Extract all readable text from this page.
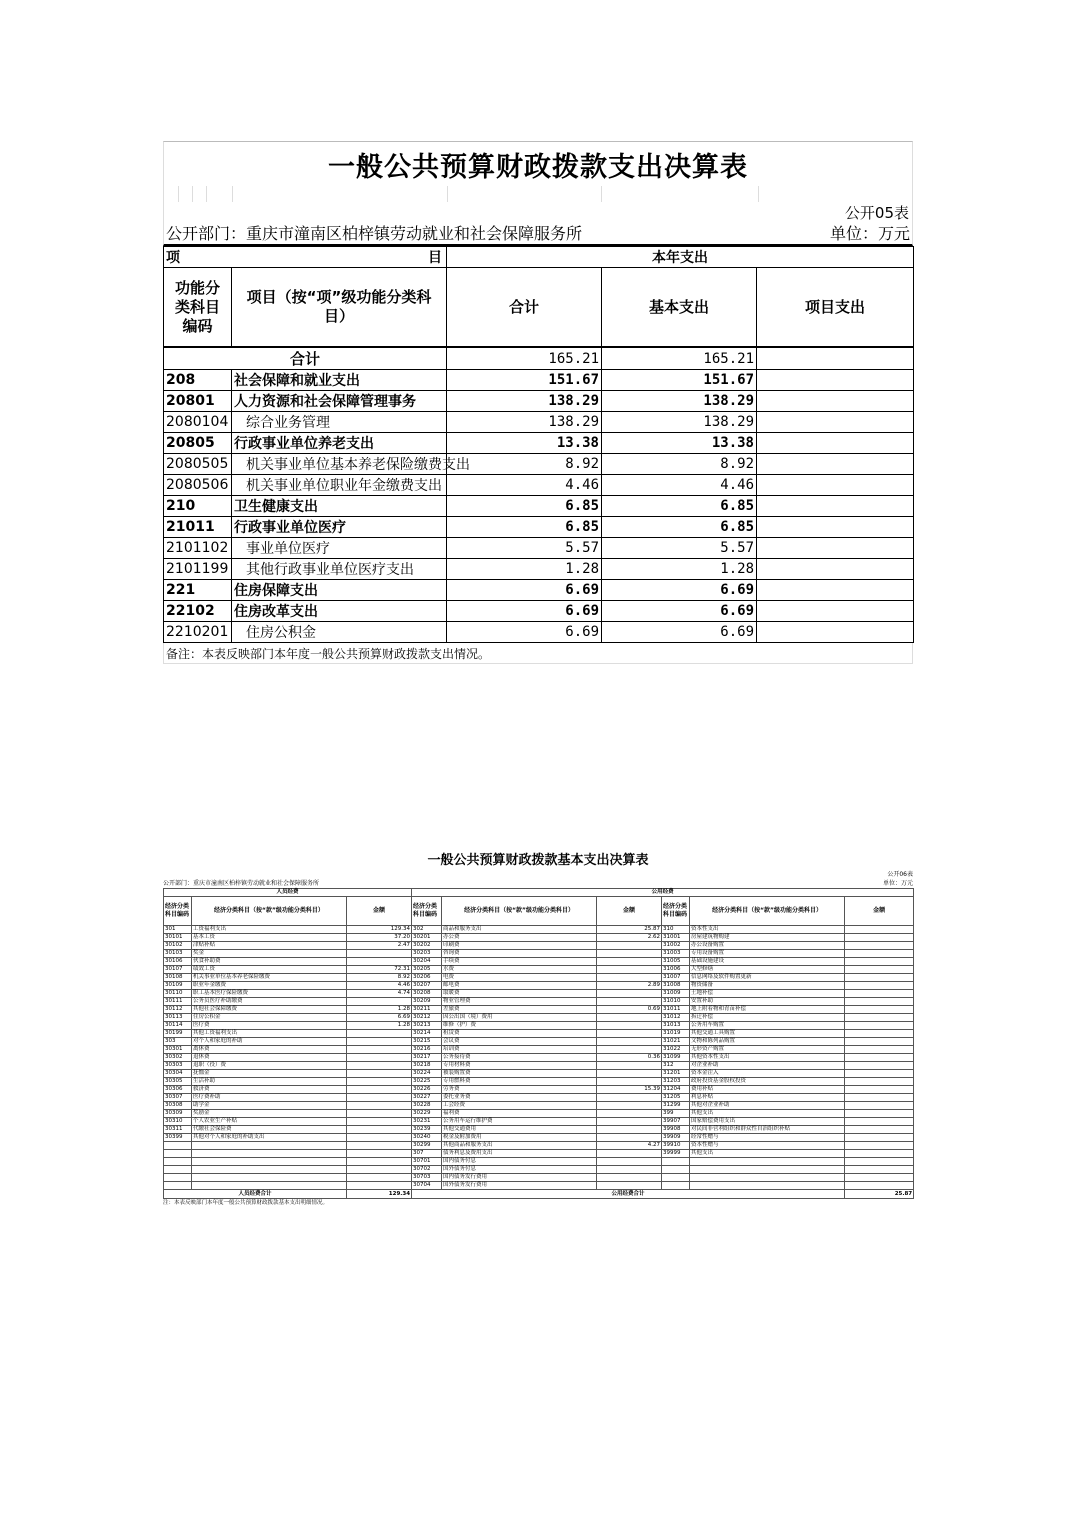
一般公共预算财政拨款支出决算表
公开05表
公开部门：重庆市潼南区柏梓镇劳动就业和社会保障服务所	单位：万元
项 目		本年支出		
功能分类科目编码	项目（按“项”级功能分类科目）	合计	基本支出	项目支出
合计		165.21	165.21	
208	社会保障和就业支出	151.67	151.67	
20801	人力资源和社会保障管理事务	138.29	138.29	
2080104	综合业务管理	138.29	138.29	
20805	行政事业单位养老支出	13.38	13.38	
2080505	机关事业单位基本养老保险缴费支出	8.92	8.92	
2080506	机关事业单位职业年金缴费支出	4.46	4.46	
210	卫生健康支出	6.85	6.85	
21011	行政事业单位医疗	6.85	6.85	
2101102	事业单位医疗	5.57	5.57	
2101199	其他行政事业单位医疗支出	1.28	1.28	
221	住房保障支出	6.69	6.69	
22102	住房改革支出	6.69	6.69	
2210201	住房公积金	6.69	6.69	
备注：本表反映部门本年度一般公共预算财政拨款支出情况。
一般公共预算财政拨款基本支出决算表
公开06表
公开部门：重庆市潼南区柏梓镇劳动就业和社会保障服务所	单位：万元
人员经费			公用经费					
经济分类科目编码	经济分类科目（按“款”级功能分类科目）	金额	经济分类科目编码	经济分类科目（按“款”级功能分类科目）	金额	经济分类科目编码	经济分类科目（按“款”级功能分类科目）	金额
301	工资福利支出	129.34	302	商品和服务支出	25.87	310	资本性支出	
30101	基本工资	37.20	30201	办公费	2.62	31001	房屋建筑物购建	
30102	津贴补贴	2.47	30202	印刷费		31002	办公设备购置	
30103	奖金		30203	咨询费		31003	专用设备购置	
30106	伙食补助费		30204	手续费		31005	基础设施建设	
30107	绩效工资	72.31	30205	水费		31006	大型修缮	
30108	机关事业单位基本养老保险缴费	8.92	30206	电费		31007	信息网络及软件购置更新	
30109	职业年金缴费	4.46	30207	邮电费	2.89	31008	物资储备	
30110	职工基本医疗保险缴费	4.74	30208	取暖费		31009	土地补偿	
30111	公务员医疗补助缴费		30209	物业管理费		31010	安置补助	
30112	其他社会保障缴费	1.28	30211	差旅费	0.69	31011	地上附着物和青苗补偿	
30113	住房公积金	6.69	30212	因公出国（境）费用		31012	拆迁补偿	
30114	医疗费	1.28	30213	维修（护）费		31013	公务用车购置	
30199	其他工资福利支出		30214	租赁费		31019	其他交通工具购置	
303	对个人和家庭的补助		30215	会议费		31021	文物和陈列品购置	
30301	离休费		30216	培训费		31022	无形资产购置	
30302	退休费		30217	公务接待费	0.36	31099	其他资本性支出	
30303	退职（役）费		30218	专用材料费		312	对企业补助	
30304	抚恤金		30224	被装购置费		31201	资本金注入	
30305	生活补助		30225	专用燃料费		31203	政府投资基金股权投资	
30306	救济费		30226	劳务费	15.39	31204	费用补贴	
30307	医疗费补助		30227	委托业务费		31205	利息补贴	
30308	助学金		30228	工会经费		31299	其他对企业补助	
30309	奖励金		30229	福利费		399	其他支出	
30310	个人农业生产补贴		30231	公务用车运行维护费		39907	国家赔偿费用支出	
30311	代缴社会保险费		30239	其他交通费用		39908	对民间非营利组织和群众性自治组织补贴	
30399	其他对个人和家庭的补助支出		30240	税金及附加费用		39909	经常性赠与	
			30299	其他商品和服务支出	4.27	39910	资本性赠与	
			307	债务利息及费用支出		39999	其他支出	
			30701	国内债务付息				
			30702	国外债务付息				
			30703	国内债务发行费用				
			30704	国外债务发行费用				
人员经费合计		129.34	公用经费合计					25.87
注：本表反映部门本年度一般公共预算财政拨款基本支出明细情况。
